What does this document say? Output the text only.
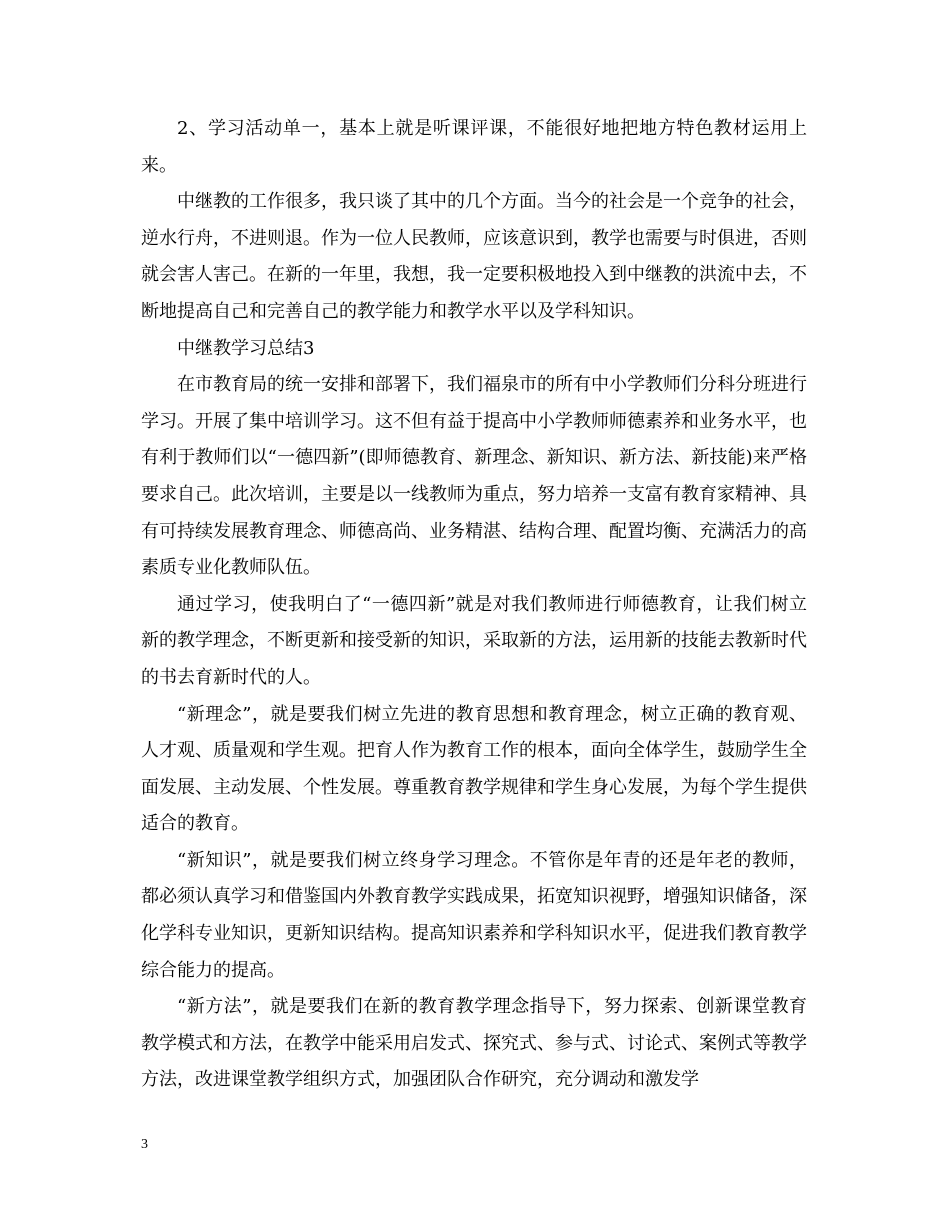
2、学习活动单一，基本上就是听课评课，不能很好地把地方特色教材运用上来。

中继教的工作很多，我只谈了其中的几个方面。当今的社会是一个竞争的社会，逆水行舟，不进则退。作为一位人民教师，应该意识到，教学也需要与时俱进，否则就会害人害己。在新的一年里，我想，我一定要积极地投入到中继教的洪流中去，不断地提高自己和完善自己的教学能力和教学水平以及学科知识。

中继教学习总结3

在市教育局的统一安排和部署下，我们福泉市的所有中小学教师们分科分班进行学习。开展了集中培训学习。这不但有益于提高中小学教师师德素养和业务水平，也有利于教师们以“一德四新”(即师德教育、新理念、新知识、新方法、新技能)来严格要求自己。此次培训，主要是以一线教师为重点，努力培养一支富有教育家精神、具有可持续发展教育理念、师德高尚、业务精湛、结构合理、配置均衡、充满活力的高素质专业化教师队伍。

通过学习，使我明白了“一德四新”就是对我们教师进行师德教育，让我们树立新的教学理念，不断更新和接受新的知识，采取新的方法，运用新的技能去教新时代的书去育新时代的人。

“新理念”，就是要我们树立先进的教育思想和教育理念，树立正确的教育观、人才观、质量观和学生观。把育人作为教育工作的根本，面向全体学生，鼓励学生全面发展、主动发展、个性发展。尊重教育教学规律和学生身心发展，为每个学生提供适合的教育。

“新知识”，就是要我们树立终身学习理念。不管你是年青的还是年老的教师，都必须认真学习和借鉴国内外教育教学实践成果，拓宽知识视野，增强知识储备，深化学科专业知识，更新知识结构。提高知识素养和学科知识水平，促进我们教育教学综合能力的提高。

“新方法”，就是要我们在新的教育教学理念指导下，努力探索、创新课堂教育教学模式和方法，在教学中能采用启发式、探究式、参与式、讨论式、案例式等教学方法，改进课堂教学组织方式，加强团队合作研究，充分调动和激发学

3
